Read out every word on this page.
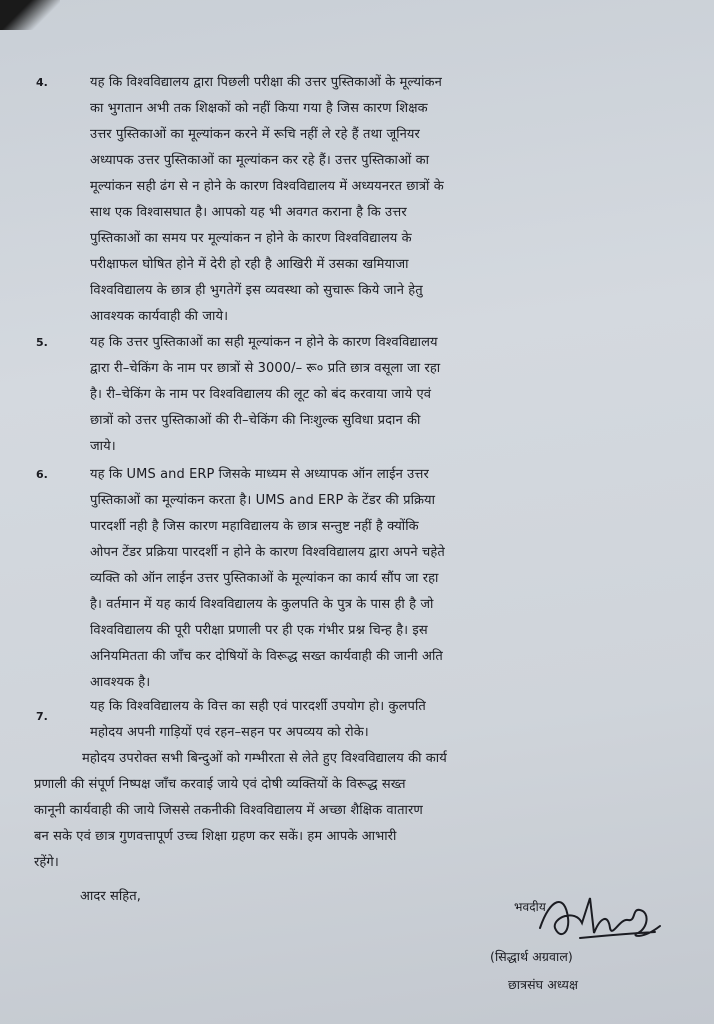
4.	यह कि विश्वविद्यालय द्वारा पिछली परीक्षा की उत्तर पुस्तिकाओं के मूल्यांकन
का भुगतान अभी तक शिक्षकों को नहीं किया गया है जिस कारण शिक्षक
उत्तर पुस्तिकाओं का मूल्यांकन करने में रूचि नहीं ले रहे हैं तथा जूनियर
अध्यापक उत्तर पुस्तिकाओं का मूल्यांकन कर रहे हैं। उत्तर पुस्तिकाओं का
मूल्यांकन सही ढंग से न होने के कारण विश्वविद्यालय में अध्ययनरत छात्रों के
साथ एक विश्वासघात है। आपको यह भी अवगत कराना है कि उत्तर
पुस्तिकाओं का समय पर मूल्यांकन न होने के कारण विश्वविद्यालय के
परीक्षाफल घोषित होने में देरी हो रही है आखिरी में उसका खमियाजा
विश्वविद्यालय के छात्र ही भुगतेगें इस व्यवस्था को सुचारू किये जाने हेतु
आवश्यक कार्यवाही की जाये।
5.	यह कि उत्तर पुस्तिकाओं का सही मूल्यांकन न होने के कारण विश्वविद्यालय
द्वारा री–चेकिंग के नाम पर छात्रों से 3000/– रू० प्रति छात्र वसूला जा रहा
है। री–चेकिंग के नाम पर विश्वविद्यालय की लूट को बंद करवाया जाये एवं
छात्रों को उत्तर पुस्तिकाओं की री–चेकिंग की निःशुल्क सुविधा प्रदान की
जाये।
6.	यह कि UMS and ERP जिसके माध्यम से अध्यापक ऑन लाईन उत्तर
पुस्तिकाओं का मूल्यांकन करता है। UMS and ERP के टेंडर की प्रक्रिया
पारदर्शी नही है जिस कारण महाविद्यालय के छात्र सन्तुष्ट नहीं है क्योंकि
ओपन टेंडर प्रक्रिया पारदर्शी न होने के कारण विश्वविद्यालय द्वारा अपने चहेते
व्यक्ति को ऑन लाईन उत्तर पुस्तिकाओं के मूल्यांकन का कार्य सौंप जा रहा
है। वर्तमान में यह कार्य विश्वविद्यालय के कुलपति के पुत्र के पास ही है जो
विश्वविद्यालय की पूरी परीक्षा प्रणाली पर ही एक गंभीर प्रश्न चिन्ह है। इस
अनियमितता की जाँच कर दोषियों के विरूद्ध सख्त कार्यवाही की जानी अति
आवश्यक है।
7.
यह कि विश्वविद्यालय के वित्त का सही एवं पारदर्शी उपयोग हो। कुलपति
महोदय अपनी गाड़ियों एवं रहन–सहन पर अपव्यय को रोके।
महोदय उपरोक्त सभी बिन्दुओं को गम्भीरता से लेते हुए विश्वविद्यालय की कार्य
प्रणाली की संपूर्ण निष्पक्ष जाँच करवाई जाये एवं दोषी व्यक्तियों के विरूद्ध सख्त
कानूनी कार्यवाही की जाये जिससे तकनीकी विश्वविद्यालय में अच्छा शैक्षिक वातारण
बन सके एवं छात्र गुणवत्तापूर्ण उच्च शिक्षा ग्रहण कर सकें। हम आपके आभारी
रहेंगे।
आदर सहित,
भवदीय
(सिद्धार्थ अग्रवाल)
छात्रसंघ अध्यक्ष
